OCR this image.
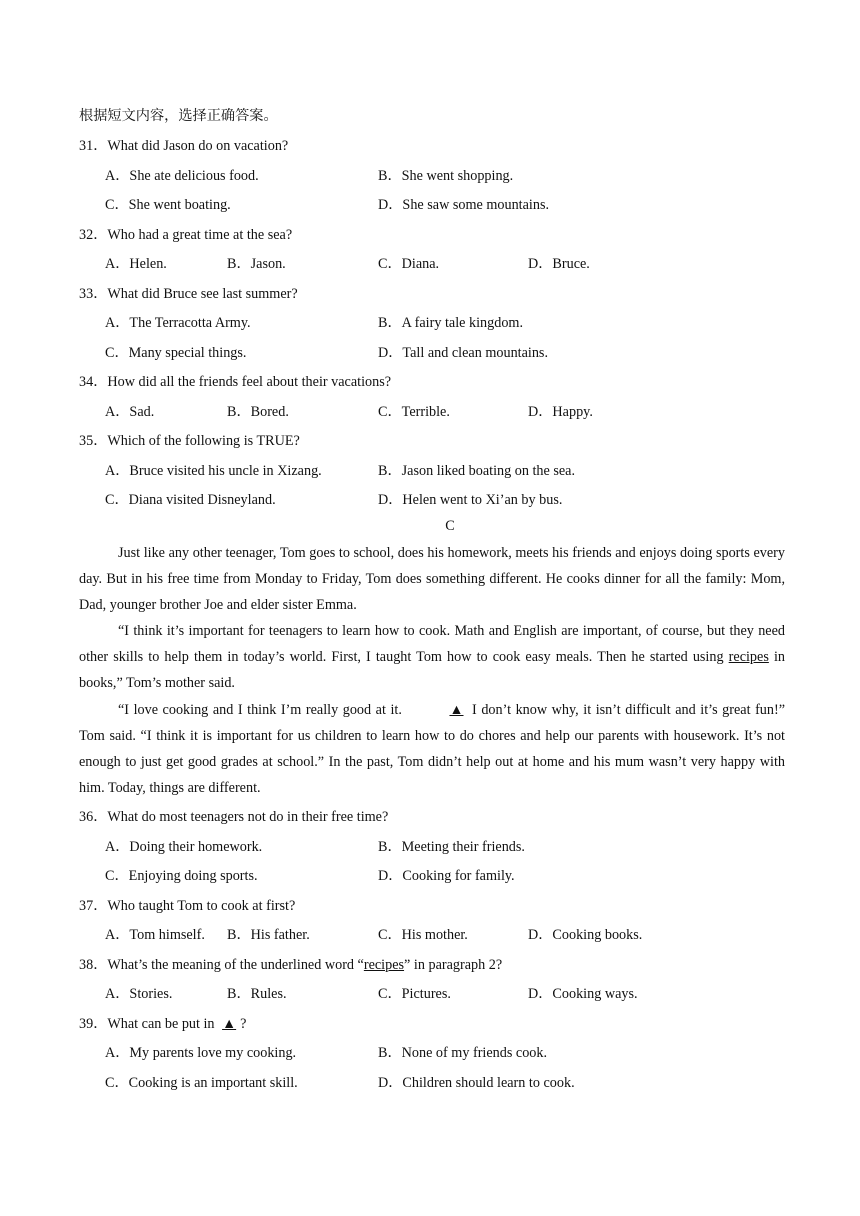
根据短文内容，选择正确答案。
31．What did Jason do on vacation?
A．She ate delicious food.	B．She went shopping.
C．She went boating.	D．She saw some mountains.
32．Who had a great time at the sea?
A．Helen.	B．Jason.	C．Diana.	D．Bruce.
33．What did Bruce see last summer?
A．The Terracotta Army.	B．A fairy tale kingdom.
C．Many special things.	D．Tall and clean mountains.
34．How did all the friends feel about their vacations?
A．Sad.	B．Bored.	C．Terrible.	D．Happy.
35．Which of the following is TRUE?
A．Bruce visited his uncle in Xizang.	B．Jason liked boating on the sea.
C．Diana visited Disneyland.	D．Helen went to Xi’an by bus.
C
Just like any other teenager, Tom goes to school, does his homework, meets his friends and enjoys doing sports every day. But in his free time from Monday to Friday, Tom does something different. He cooks dinner for all the family: Mom, Dad, younger brother Joe and elder sister Emma.
“I think it’s important for teenagers to learn how to cook. Math and English are important, of course, but they need other skills to help them in today’s world. First, I taught Tom how to cook easy meals. Then he started using recipes in books,” Tom’s mother said.
“I love cooking and I think I’m really good at it.	▲ I don’t know why, it isn’t difficult and it’s great fun!” Tom said. “I think it is important for us children to learn how to do chores and help our parents with housework. It’s not enough to just get good grades at school.” In the past, Tom didn’t help out at home and his mum wasn’t very happy with him. Today, things are different.
36．What do most teenagers not do in their free time?
A．Doing their homework.	B．Meeting their friends.
C．Enjoying doing sports.	D．Cooking for family.
37．Who taught Tom to cook at first?
A．Tom himself. B．His father.	C．His mother.	D．Cooking books.
38．What’s the meaning of the underlined word “recipes” in paragraph 2?
A．Stories.	B．Rules.	C．Pictures.	D．Cooking ways.
39．What can be put in ▲ ?
A．My parents love my cooking.	B．None of my friends cook.
C．Cooking is an important skill.	D．Children should learn to cook.
